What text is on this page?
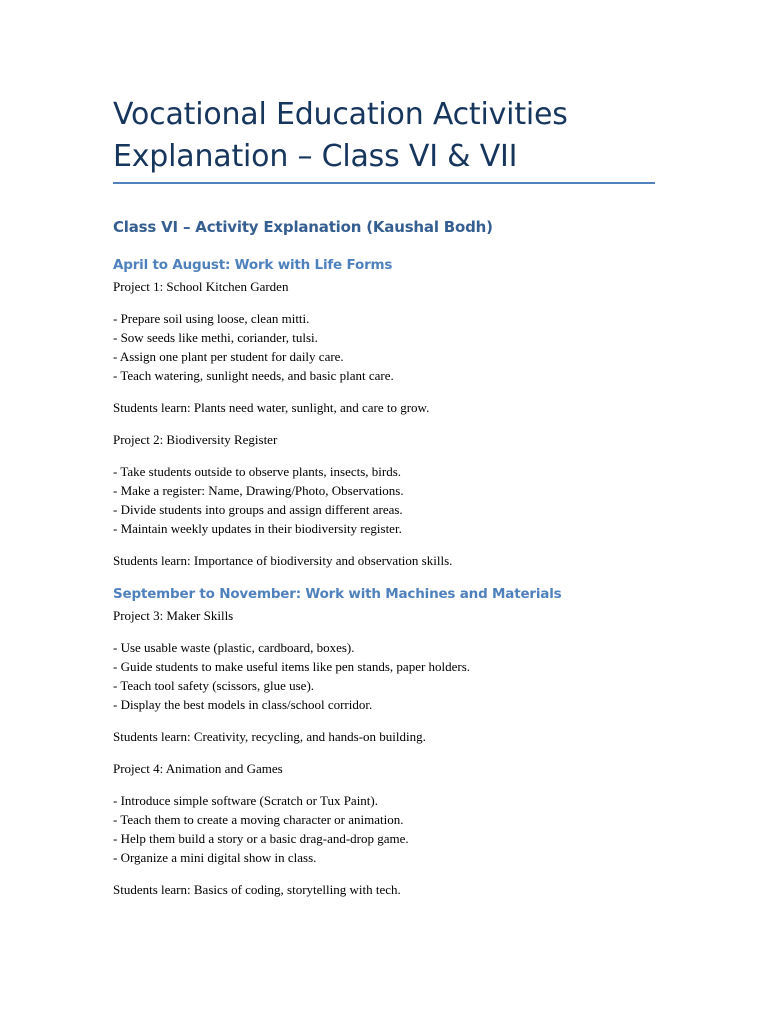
Vocational Education Activities
Explanation – Class VI & VII
Class VI – Activity Explanation (Kaushal Bodh)
April to August: Work with Life Forms

Project 1: School Kitchen Garden

- Prepare soil using loose, clean mitti.
- Sow seeds like methi, coriander, tulsi.
- Assign one plant per student for daily care.
- Teach watering, sunlight needs, and basic plant care.

Students learn: Plants need water, sunlight, and care to grow.

Project 2: Biodiversity Register

- Take students outside to observe plants, insects, birds.
- Make a register: Name, Drawing/Photo, Observations.
- Divide students into groups and assign different areas.
- Maintain weekly updates in their biodiversity register.

Students learn: Importance of biodiversity and observation skills.

September to November: Work with Machines and Materials

Project 3: Maker Skills

- Use usable waste (plastic, cardboard, boxes).
- Guide students to make useful items like pen stands, paper holders.
- Teach tool safety (scissors, glue use).
- Display the best models in class/school corridor.

Students learn: Creativity, recycling, and hands-on building.

Project 4: Animation and Games

- Introduce simple software (Scratch or Tux Paint).
- Teach them to create a moving character or animation.
- Help them build a story or a basic drag-and-drop game.
- Organize a mini digital show in class.

Students learn: Basics of coding, storytelling with tech.
